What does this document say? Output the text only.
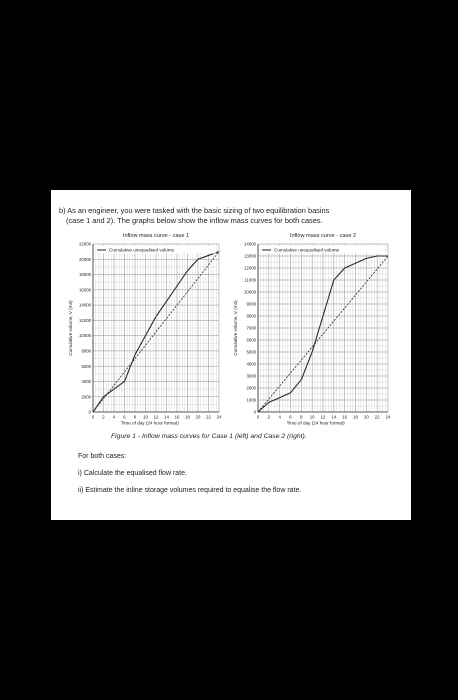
b) As an engineer, you were tasked with the basic sizing of two equilibration basins
(case 1 and 2). The graphs below show the inflow mass curves for both cases.
Inflow mass curve - case 1
0
2000
4000
6000
8000
10000
12000
14000
16000
18000
20000
22000
0 2 4 6 8 10 12 14 16 18 20 22 24
Time of day (24 hour format)
Cumulative volume, V (m3)
Cumulative unequalised volume
Inflow mass curve - case 2
0
1000
2000
3000
4000
5000
6000
7000
8000
9000
10000
11000
12000
13000
14000
0 2 4 6 8 10 12 14 16 18 20 22 24
Time of day (24 hour format)
Cumulative volume, V (m3)
Cumulative unequalised volume
Figure 1 - Inflow mass curves for Case 1 (left) and Case 2 (right).
For both cases:
i) Calculate the equalised flow rate.
ii) Estimate the inline storage volumes required to equalise the flow rate.
